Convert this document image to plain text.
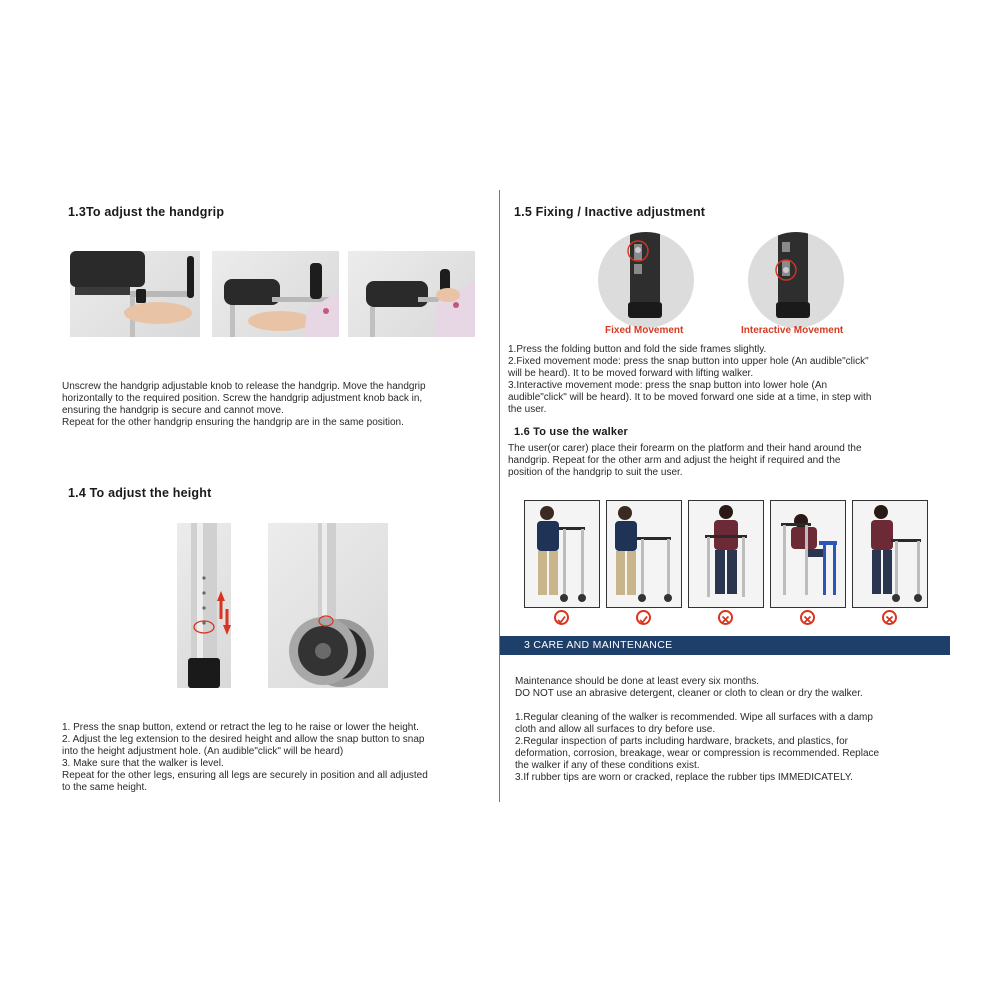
1.3To adjust the handgrip

Unscrew the handgrip adjustable knob to release the handgrip. Move the handgrip
horizontally to the required position. Screw the handgrip adjustment knob back in,
ensuring the handgrip is secure and cannot move.
Repeat for the other handgrip ensuring the handgrip are in the same position.

1.4 To adjust the height

1. Press the snap button, extend or retract the leg to he raise or lower the height.
2. Adjust the leg extension to the desired height and allow the snap button to snap
into the height adjustment hole. (An audible"click" will be heard)
3. Make sure that the walker is level.
Repeat for the other legs, ensuring all legs are securely in position and all adjusted
to the same height.

1.5 Fixing / Inactive adjustment
Fixed Movement	Interactive Movement

1.Press the folding button and fold the side frames slightly.
2.Fixed movement mode: press the snap button into upper hole (An audible"click"
will be heard). It to be moved forward with lifting walker.
3.Interactive movement mode: press the snap button into lower hole (An
audible"click" will be heard). It to be moved forward one side at a time, in step with
the user.

1.6 To use the walker

The user(or carer) place their forearm on the platform and their hand around the
handgrip. Repeat for the other arm and adjust the height if required and the
position of the handgrip to suit the user.

3 CARE AND MAINTENANCE

Maintenance should be done at least every six months.
DO NOT use an abrasive detergent, cleaner or cloth to clean or dry the walker.

1.Regular cleaning of the walker is recommended. Wipe all surfaces with a damp
cloth and allow all surfaces to dry before use.
2.Regular inspection of parts including hardware, brackets, and plastics, for
deformation, corrosion, breakage, wear or compression is recommended. Replace
the walker if any of these conditions exist.
3.If rubber tips are worn or cracked, replace the rubber tips IMMEDICATELY.
